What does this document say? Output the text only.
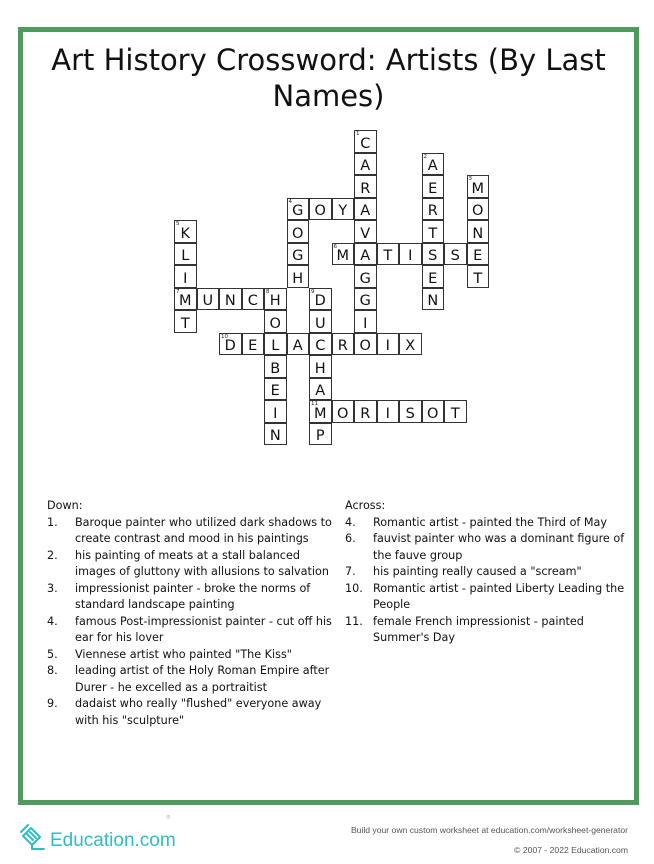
Art History Crossword: Artists (By Last Names)
1
C
A
R
A
V
A
G
G
I
O
2
A
E
R
T
S
E
N
3
M
O
N
E
T
4
G O Y
O
G
H
5
K
L
I
7
M
T
6
M	T	I	S
U N C
8
H
O
L
B
E
I
N
9
D
U
C
H
A
11
M
P
10
D E	A	R	I	X
O R	I	S O T
Down:
1.	Baroque painter who utilized dark shadows to create contrast and mood in his paintings
2.	his painting of meats at a stall balanced images of gluttony with allusions to salvation
3.	impressionist painter - broke the norms of standard landscape painting
4.	famous Post-impressionist painter - cut off his ear for his lover
5.	Viennese artist who painted "The Kiss"
8.	leading artist of the Holy Roman Empire after Durer - he excelled as a portraitist
9.	dadaist who really "flushed" everyone away with his "sculpture"
Across:
4.	Romantic artist - painted the Third of May
6.	fauvist painter who was a dominant figure of the fauve group
7.	his painting really caused a "scream"
10. Romantic artist - painted Liberty Leading the People
11. female French impressionist - painted Summer's Day
Education.com
®
Build your own custom worksheet at education.com/worksheet-generator
© 2007 - 2022 Education.com
